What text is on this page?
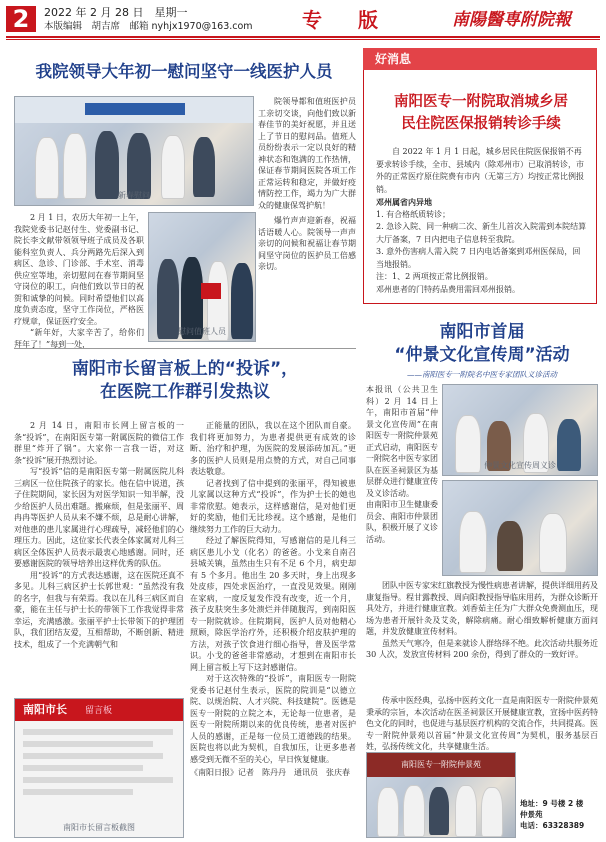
2	2022 年 2 月 28 日　星期一
本版编辑　胡吉席　邮箱 nyhjx1970@163.com 专　版	南陽醫専附院報
我院领导大年初一慰问坚守一线医护人员
新春慰问

院领导都和值班医护员工亲切交谈，向他们致以新春佳节的美好祝愿，并且送上了节日的慰问品。值班人员纷纷表示一定以良好的精神状态和饱满的工作热情，保证春节期间医院各项工作正常运转和稳定，并做好疫情防控工作，竭力为广大群众的健康保驾护航！

爆竹声声迎新春，祝福话语暖人心。院领导一声声亲切的问候和祝福让春节期间坚守岗位的医护员工倍感亲切。

2 月 1 日，农历大年初一上午，我院党委书记赵付生、党委副书记、院长李文献带领领导班子成员及各职能科室负责人、兵分两路先后深入到病区、急诊、门诊部、手术室、消毒供应室等地，亲切慰问在春节期间坚守岗位的职工，向他们致以节日的祝贺和诚挚的问候。同时希望他们以高度负责态度，坚守工作岗位，严格医疗规章，保证医疗安全。

“新年好，大家辛苦了，给你们拜年了！”每到一处，

慰问值班人员
南阳市长留言板上的“投诉”，
在医院工作群引发热议

2 月 14 日，南阳市长网上留言板的一条“投诉”，在南阳医专第一附属医院的微信工作群里“炸开了锅”。大家你一言我一语，对这条“投诉”展开热烈讨论。

写“投诉”信的是南阳医专第一附属医院儿科三病区一位住院孩子的家长。他在信中说道，孩子住院期间，家长因为对医学知识一知半解，没少给医护人员出难题。搬麻烦，但是张丽平、周冉冉等医护人员从来不嫌不烦，总是耐心讲解，对他患的患儿家属进行心理疏导，减轻他们的心理压力。因此，这位家长代表全体家属对儿科三病区全体医护人员表示最衷心地感谢。同时，还要感谢医院的领导培养出这样优秀的队伍。

用“投诉”的方式表达感谢，这在医院还真不多见。儿科三病区护士长郭世观：“虽然没有我的名字，但我与有荣焉。我以在儿科三病区而自豪，能在主任与护士长的带领下工作我觉得非常幸运，充满感激。张丽平护士长带领下的护理团队，我们团结友爱，互相帮助，不断创新、精进技术，组成了一个充满朝气和

正能量的团队，我以在这个团队而自豪。我们将更加努力，为患者提供更有成效的诊断、治疗和护理，为医院的发展添砖加瓦。”更多的医护人员则是用点赞的方式，对自己同事表达敬意。

记者找到了信中提到的张丽平，得知被患儿家属以这种方式“投诉”，作为护士长的她也非常欣慰。她表示，这样感谢信，是对他们更好的奖励，他们无比珍视。这个感谢，是他们继续努力工作的巨大动力。

经过了解医院得知，写感谢信的是儿科三病区患儿小戈（化名）的爸爸。小戈来自南召县城关镇，虽然由生只有不足 6 个月，病史却有 5 个多月。他出生 20 多天时，身上出现多处皮疹，四处求医治疗，一直没见效果。刚刚在家病，一度反复发作没有改变，近一个月，孩子皮肤突生多处溃烂并伴随腹泻，到南阳医专一附院就诊。住院期间，医护人员对他精心照顾，除医学治疗外，还积极介绍皮肤护理的方法，对孩子饮食进行细心指导，普及医学常识。小戈的爸爸非常感动，才想到在南阳市长网上留言板上写下这封感谢信。

对于这次特殊的“投诉”，南阳医专一附院党委书记赵付生表示，医院的院训是“以德立院、以规治院、人才兴院、科技建院”。医德是医专一附院的立院之本，无论每一位患者，是医专一附院所期以来的优良传统，患者对医护人员的感谢，正是每一位员工道德践的结果。医院也将以此为契机，自我加压，让更多患者感受到无微不至的关心，早日恢复健康。

《南阳日报》记者　陈丹丹　通讯员　张庆春

南阳市长 留言板
南阳市长留言板截图
好消息
南阳医专一附院取消城乡居
民住院医保报销转诊手续
自 2022 年 1 月 1 日起，城乡居民住院医保报销不再要求转诊手续，全市、县域内（除邓州市）已取消转诊，市外的正常医疗原住院费有市内（无第三方）均按正常比例报销。
邓州属省内异地
1. 有合格纸质转诊；
2. 急诊入院、同一种病二次、新生儿首次入院需到本院结算大厅备案，7 日内把电子信息转至我院。
3. 意外伤害病人需入院 7 日内电话备案到邓州医保局，回当地报销。
注：1、2 两项按正常比例报销。
邓州患者的门特药品费用需回邓州报销。
南阳市首届
“仲景文化宣传周”活动
——南阳医专一附院名中医专家团队义诊活动

本报讯（公共卫生科）2 月 14 日上午，南阳市首届“仲景文化宣传周”在南阳医专一附院仲景苑正式启动，南阳医专一附院名中医专家团队在医圣祠景区为基层群众进行健康宣传及义诊活动。

由南阳市卫生健康委员会、南阳市仲景团队，积极开展了义诊活动。

仲景文化宣传周义诊

团队中医专家宋红旗教授为慢性病患者讲解，提供详细用药及康复指导。程甘露教授、周向阳教授指导临床用药，为群众诊断开具处方，并进行健康宣教。刘香茹主任为广大群众免费测血压，现场为患者开展针灸及艾灸，解除病痛。耐心细致解析健康方面问题，并发放健康宣传材料。

虽然天气寒冷，但是来就诊人群络绎不绝。此次活动共服务近 30 人次，发放宣传材料 200 余份，得到了群众的一致好评。

传承中医经典，弘扬中医药文化一直是南阳医专一附院仲景苑秉承的宗旨，本次活动在医圣祠景区开展健康宣教，宣扬中医药特色文化的同时，也促进与基层医疗机构的交流合作，共同提高。医专一附院仲景苑以首届“仲景文化宣传周”为契机，服务基层百姓，弘扬传统文化，共享健康生活。

南阳医专一附院仲景苑
地址：9 号楼 2 楼
仲景苑
电话：63328389
